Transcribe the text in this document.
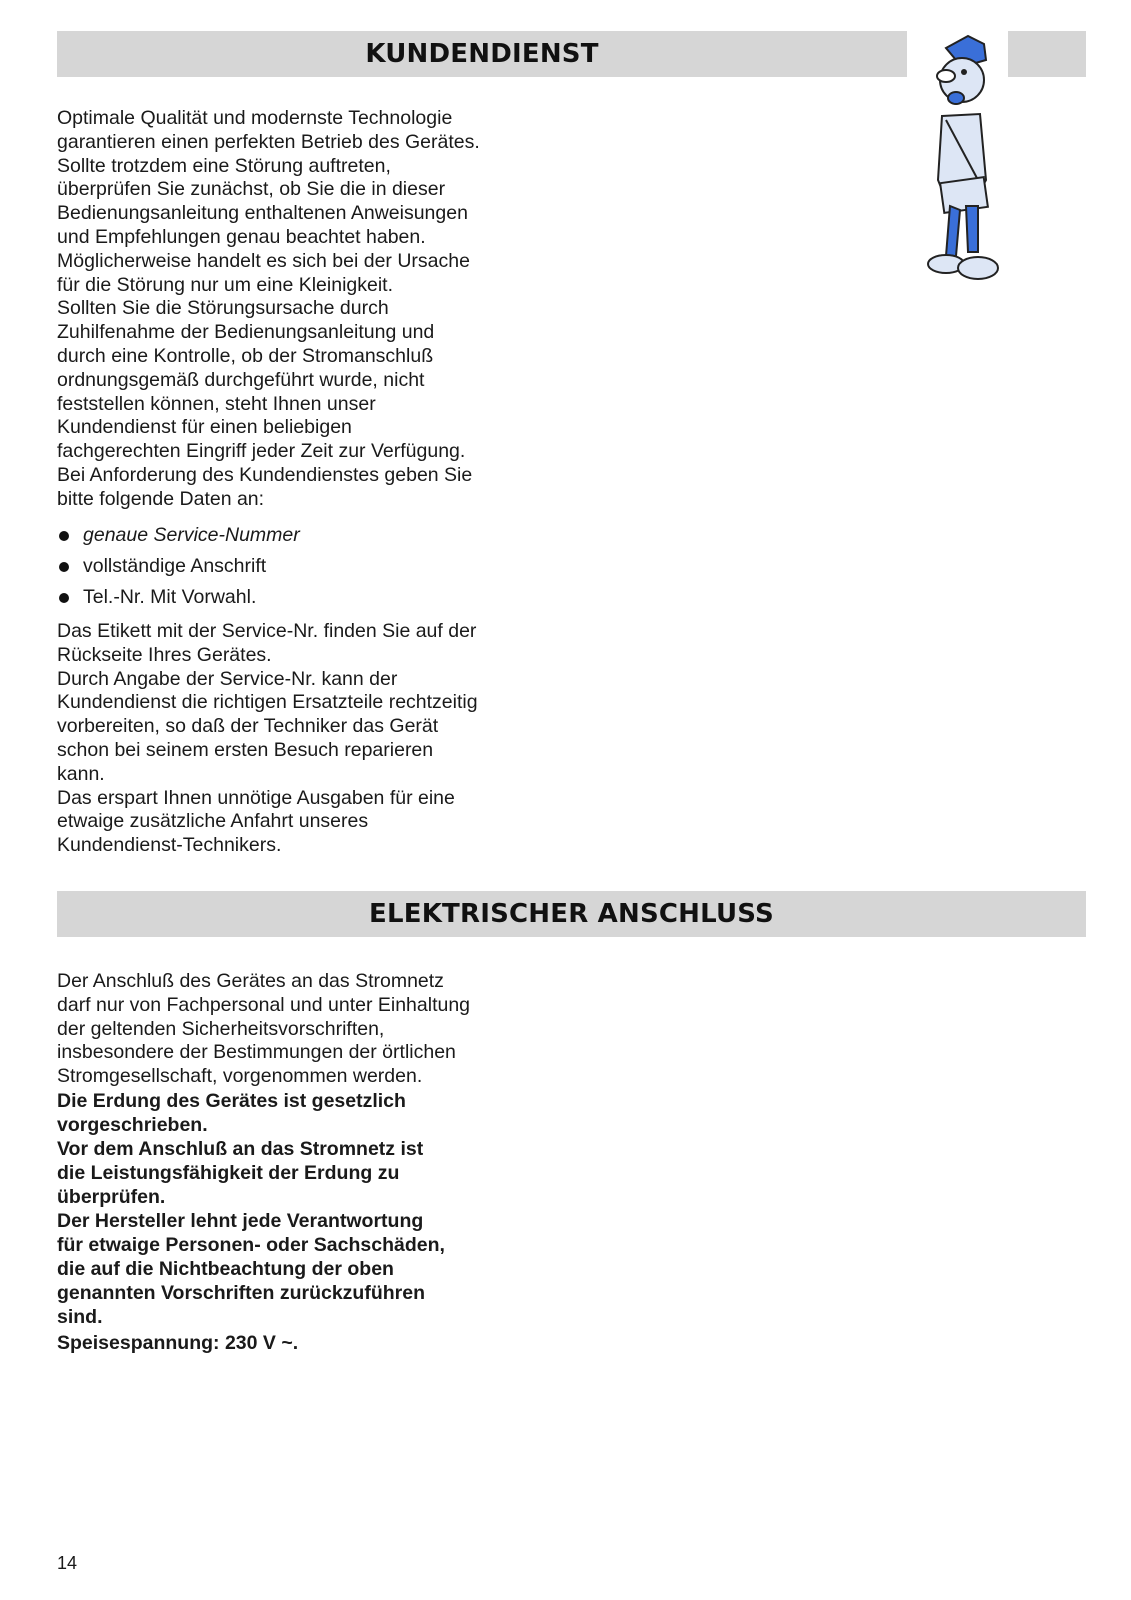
KUNDENDIENST

Optimale Qualität und modernste Technologie
garantieren einen perfekten Betrieb des Gerätes.
Sollte trotzdem eine Störung auftreten,
überprüfen Sie zunächst, ob Sie die in dieser
Bedienungsanleitung enthaltenen Anweisungen
und Empfehlungen genau beachtet haben.
Möglicherweise handelt es sich bei der Ursache
für die Störung nur um eine Kleinigkeit.
Sollten Sie die Störungsursache durch
Zuhilfenahme der Bedienungsanleitung und
durch eine Kontrolle, ob der Stromanschluß
ordnungsgemäß durchgeführt wurde, nicht
feststellen können, steht Ihnen unser
Kundendienst für einen beliebigen
fachgerechten Eingriff jeder Zeit zur Verfügung.
Bei Anforderung des Kundendienstes geben Sie
bitte folgende Daten an:

genaue Service-Nummer
vollständige Anschrift
Tel.-Nr. Mit Vorwahl.

Das Etikett mit der Service-Nr. finden Sie auf der
Rückseite Ihres Gerätes.
Durch Angabe der Service-Nr. kann der
Kundendienst die richtigen Ersatzteile rechtzeitig
vorbereiten, so daß der Techniker das Gerät
schon bei seinem ersten Besuch reparieren
kann.
Das erspart Ihnen unnötige Ausgaben für eine
etwaige zusätzliche Anfahrt unseres
Kundendienst-Technikers.

ELEKTRISCHER ANSCHLUSS

Der Anschluß des Gerätes an das Stromnetz
darf nur von Fachpersonal und unter Einhaltung
der geltenden Sicherheitsvorschriften,
insbesondere der Bestimmungen der örtlichen
Stromgesellschaft, vorgenommen werden.

Die Erdung des Gerätes ist gesetzlich
vorgeschrieben.
Vor dem Anschluß an das Stromnetz ist
die Leistungsfähigkeit der Erdung zu
überprüfen.
Der Hersteller lehnt jede Verantwortung
für etwaige Personen- oder Sachschäden,
die auf die Nichtbeachtung der oben
genannten Vorschriften zurückzuführen
sind.

Speisespannung: 230 V ~.

14
